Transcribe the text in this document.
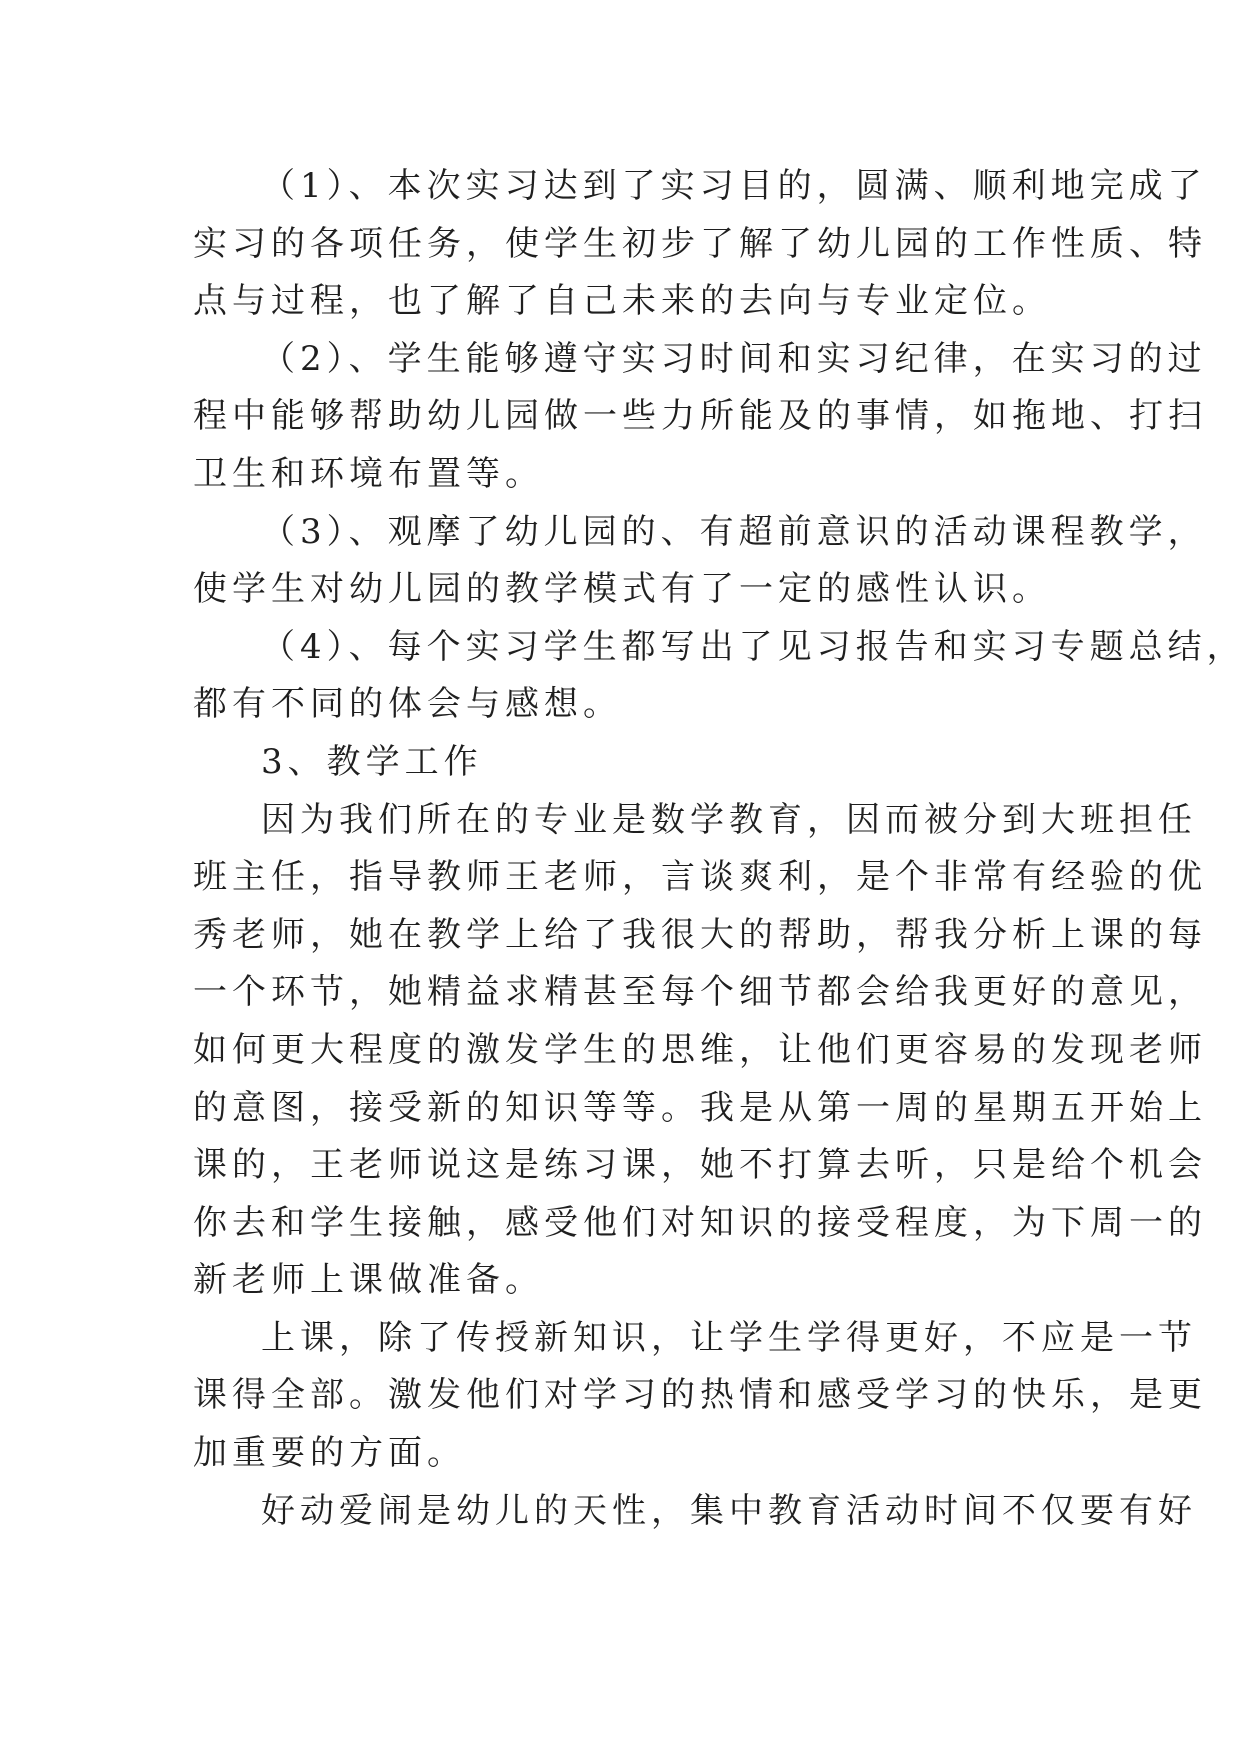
（1）、本次实习达到了实习目的，圆满、顺利地完成了
实习的各项任务，使学生初步了解了幼儿园的工作性质、特
点与过程，也了解了自己未来的去向与专业定位。
（2）、学生能够遵守实习时间和实习纪律，在实习的过
程中能够帮助幼儿园做一些力所能及的事情，如拖地、打扫
卫生和环境布置等。
（3）、观摩了幼儿园的、有超前意识的活动课程教学，
使学生对幼儿园的教学模式有了一定的感性认识。
（4）、每个实习学生都写出了见习报告和实习专题总结，
都有不同的体会与感想。
3、教学工作
因为我们所在的专业是数学教育，因而被分到大班担任
班主任，指导教师王老师，言谈爽利，是个非常有经验的优
秀老师，她在教学上给了我很大的帮助，帮我分析上课的每
一个环节，她精益求精甚至每个细节都会给我更好的意见，
如何更大程度的激发学生的思维，让他们更容易的发现老师
的意图，接受新的知识等等。我是从第一周的星期五开始上
课的，王老师说这是练习课，她不打算去听，只是给个机会
你去和学生接触，感受他们对知识的接受程度，为下周一的
新老师上课做准备。
上课，除了传授新知识，让学生学得更好，不应是一节
课得全部。激发他们对学习的热情和感受学习的快乐，是更
加重要的方面。
好动爱闹是幼儿的天性，集中教育活动时间不仅要有好
